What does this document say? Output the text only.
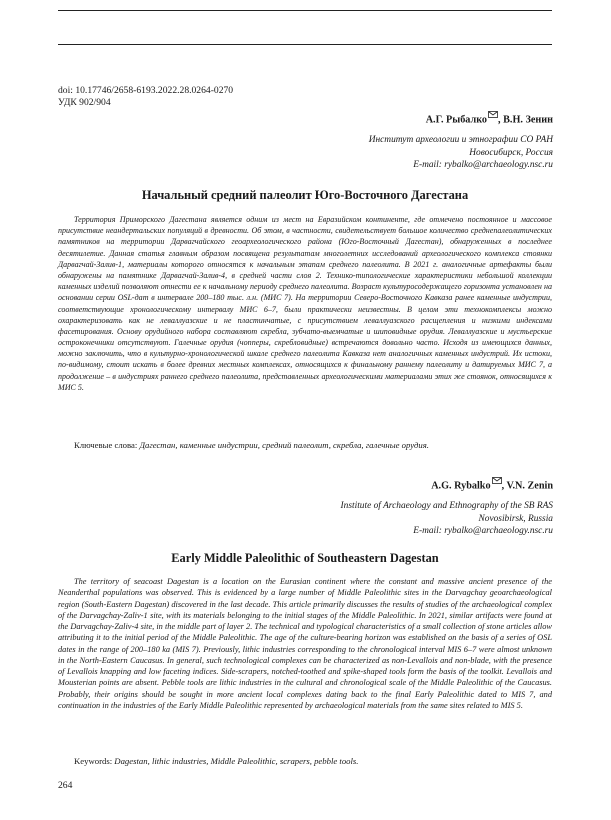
doi: 10.17746/2658-6193.2022.28.0264-0270
УДК 902/904
А.Г. Рыбалко , В.Н. Зенин
Институт археологии и этнографии СО РАН
Новосибирск, Россия
E-mail: rybalko@archaeology.nsc.ru
Начальный средний палеолит Юго-Восточного Дагестана

Территория Приморского Дагестана является одним из мест на Евразийском континенте, где отмечено постоянное и массовое присутствие неандертальских популяций в древности. Об этом, в частности, свидетельствует большое количество среднепалеолитических памятников на территории Дарвагчайского геоархеологического района (Юго-Восточный Дагестан), обнаруженных в последнее десятилетие. Данная статья главным образом посвящена результатам многолетних исследований археологического комплекса стоянки Дарвагчай-Залив-1, материалы которого относятся к начальным этапам среднего палеолита. В 2021 г. аналогичные артефакты были обнаружены на памятнике Дарвагчай-Залив-4, в средней части слоя 2. Технико-типологические характеристики небольшой коллекции каменных изделий позволяют отнести ее к начальному периоду среднего палеолита. Возраст культуросодержащего горизонта установлен на основании серии OSL-дат в интервале 200–180 тыс. л.н. (МИС 7). На территории Северо-Восточного Кавказа ранее каменные индустрии, соответствующие хронологическому интервалу МИС 6–7, были практически неизвестны. В целом эти технокомплексы можно охарактеризовать как не леваллуазские и не пластинчатые, с присутствием леваллуазского расщепления и низкими индексами фасетирования. Основу орудийного набора составляют скребла, зубчато-выемчатые и шиповидные орудия. Леваллуазские и мустьерские остроконечники отсутствуют. Галечные орудия (чопперы, скребловидные) встречаются довольно часто. Исходя из имеющихся данных, можно заключить, что в культурно-хронологической шкале среднего палеолита Кавказа нет аналогичных каменных индустрий. Их истоки, по-видимому, стоит искать в более древних местных комплексах, относящихся к финальному раннему палеолиту и датируемых МИС 7, а продолжение – в индустриях раннего среднего палеолита, представленных археологическими материалами этих же стоянок, относящихся к МИС 5.

Ключевые слова: Дагестан, каменные индустрии, средний палеолит, скребла, галечные орудия.
A.G. Rybalko , V.N. Zenin
Institute of Archaeology and Ethnography of the SB RAS
Novosibirsk, Russia
E-mail: rybalko@archaeology.nsc.ru
Early Middle Paleolithic of Southeastern Dagestan

The territory of seacoast Dagestan is a location on the Eurasian continent where the constant and massive ancient presence of the Neanderthal populations was observed. This is evidenced by a large number of Middle Paleolithic sites in the Darvagchay geoarchaeological region (South-Eastern Dagestan) discovered in the last decade. This article primarily discusses the results of studies of the archaeological complex of the Darvagchay-Zaliv-1 site, with its materials belonging to the initial stages of the Middle Paleolithic. In 2021, similar artifacts were found at the Darvagchay-Zaliv-4 site, in the middle part of layer 2. The technical and typological characteristics of a small collection of stone articles allow attributing it to the initial period of the Middle Paleolithic. The age of the culture-bearing horizon was established on the basis of a series of OSL dates in the range of 200–180 ka (MIS 7). Previously, lithic industries corresponding to the chronological interval MIS 6–7 were almost unknown in the North-Eastern Caucasus. In general, such technological complexes can be characterized as non-Levallois and non-blade, with the presence of Levallois knapping and low faceting indices. Side-scrapers, notched-toothed and spike-shaped tools form the basis of the toolkit. Levallois and Mousterian points are absent. Pebble tools are lithic industries in the cultural and chronological scale of the Middle Paleolithic of the Caucasus. Probably, their origins should be sought in more ancient local complexes dating back to the final Early Paleolithic dated to MIS 7, and continuation in the industries of the Early Middle Paleolithic represented by archaeological materials from the same sites related to MIS 5.

Keywords: Dagestan, lithic industries, Middle Paleolithic, scrapers, pebble tools.
264
